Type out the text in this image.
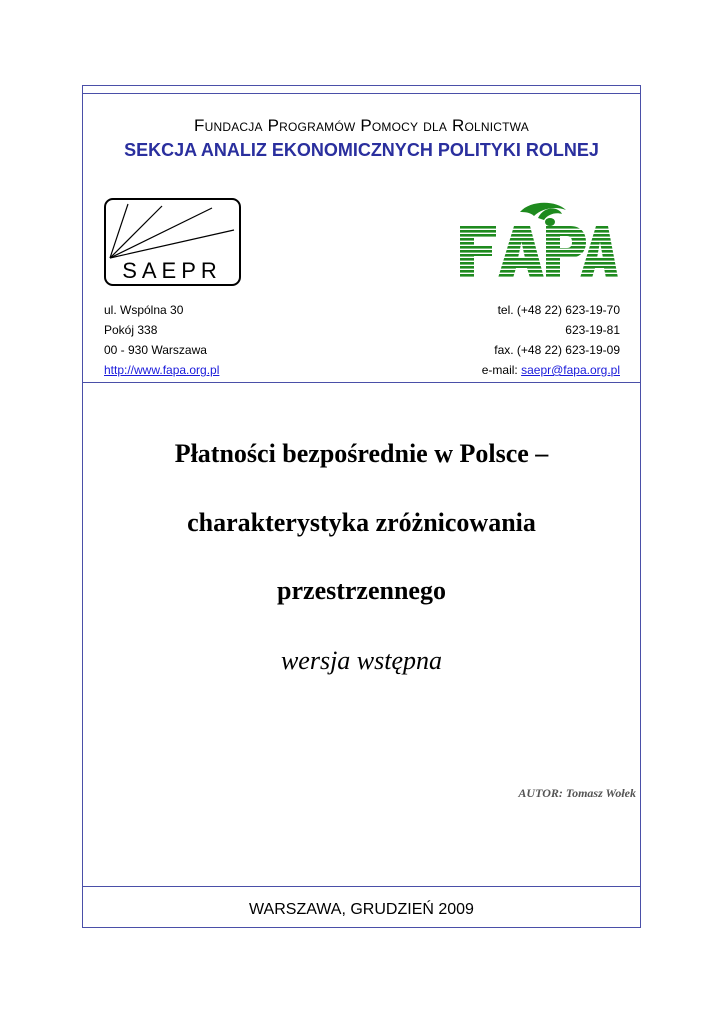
Fundacja Programów Pomocy dla Rolnictwa
SEKCJA ANALIZ EKONOMICZNYCH POLITYKI ROLNEJ
SAEPR
ul. Wspólna 30
Pokój 338
00 - 930 Warszawa
http://www.fapa.org.pl
tel. (+48 22) 623-19-70
623-19-81
fax. (+48 22) 623-19-09
e-mail: saepr@fapa.org.pl
Płatności bezpośrednie w Polsce –
charakterystyka zróżnicowania
przestrzennego
wersja wstępna
AUTOR: Tomasz Wołek
WARSZAWA, GRUDZIEŃ 2009
